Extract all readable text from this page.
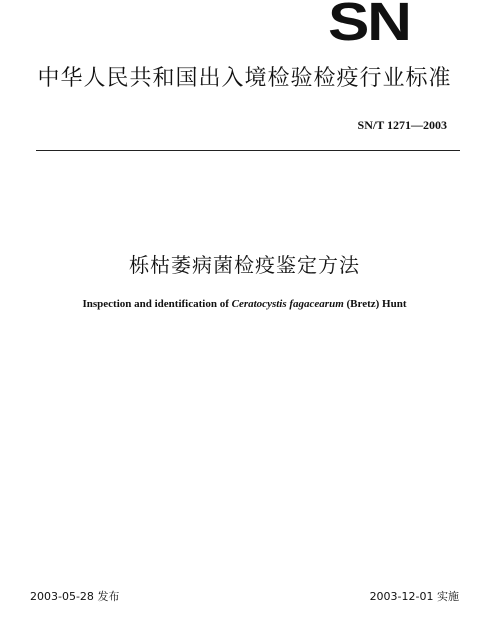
SN
中华人民共和国出入境检验检疫行业标准
SN/T 1271—2003
栎枯萎病菌检疫鉴定方法
Inspection and identification of Ceratocystis fagacearum (Bretz) Hunt
2003-05-28 发布	2003-12-01 实施
